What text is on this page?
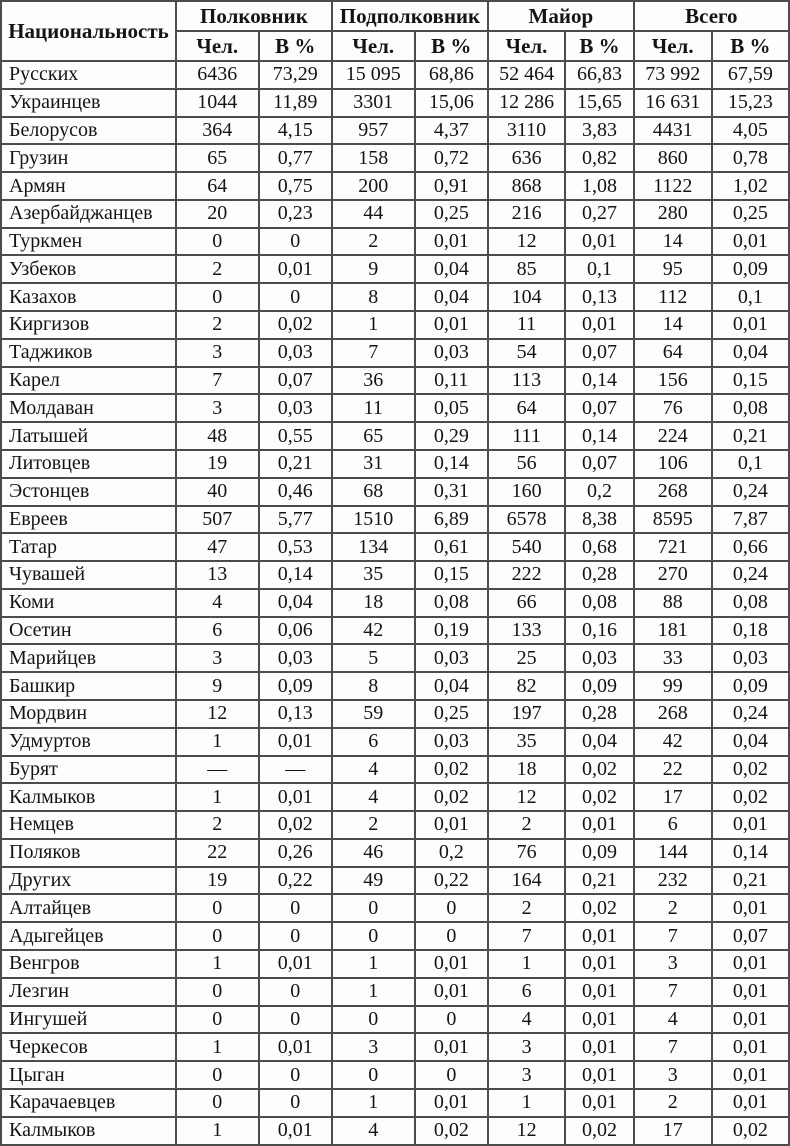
Национальность	Полковник		Подполковник		Майор		Всего	
	Чел.	В %	Чел.	В %	Чел.	В %	Чел.	В %
Русских	6436	73,29	15 095	68,86	52 464	66,83	73 992	67,59
Украинцев	1044	11,89	3301	15,06	12 286	15,65	16 631	15,23
Белорусов	364	4,15	957	4,37	3110	3,83	4431	4,05
Грузин	65	0,77	158	0,72	636	0,82	860	0,78
Армян	64	0,75	200	0,91	868	1,08	1122	1,02
Азербайджанцев	20	0,23	44	0,25	216	0,27	280	0,25
Туркмен	0	0	2	0,01	12	0,01	14	0,01
Узбеков	2	0,01	9	0,04	85	0,1	95	0,09
Казахов	0	0	8	0,04	104	0,13	112	0,1
Киргизов	2	0,02	1	0,01	11	0,01	14	0,01
Таджиков	3	0,03	7	0,03	54	0,07	64	0,04
Карел	7	0,07	36	0,11	113	0,14	156	0,15
Молдаван	3	0,03	11	0,05	64	0,07	76	0,08
Латышей	48	0,55	65	0,29	111	0,14	224	0,21
Литовцев	19	0,21	31	0,14	56	0,07	106	0,1
Эстонцев	40	0,46	68	0,31	160	0,2	268	0,24
Евреев	507	5,77	1510	6,89	6578	8,38	8595	7,87
Татар	47	0,53	134	0,61	540	0,68	721	0,66
Чувашей	13	0,14	35	0,15	222	0,28	270	0,24
Коми	4	0,04	18	0,08	66	0,08	88	0,08
Осетин	6	0,06	42	0,19	133	0,16	181	0,18
Марийцев	3	0,03	5	0,03	25	0,03	33	0,03
Башкир	9	0,09	8	0,04	82	0,09	99	0,09
Мордвин	12	0,13	59	0,25	197	0,28	268	0,24
Удмуртов	1	0,01	6	0,03	35	0,04	42	0,04
Бурят	—	—	4	0,02	18	0,02	22	0,02
Калмыков	1	0,01	4	0,02	12	0,02	17	0,02
Немцев	2	0,02	2	0,01	2	0,01	6	0,01
Поляков	22	0,26	46	0,2	76	0,09	144	0,14
Других	19	0,22	49	0,22	164	0,21	232	0,21
Алтайцев	0	0	0	0	2	0,02	2	0,01
Адыгейцев	0	0	0	0	7	0,01	7	0,07
Венгров	1	0,01	1	0,01	1	0,01	3	0,01
Лезгин	0	0	1	0,01	6	0,01	7	0,01
Ингушей	0	0	0	0	4	0,01	4	0,01
Черкесов	1	0,01	3	0,01	3	0,01	7	0,01
Цыган	0	0	0	0	3	0,01	3	0,01
Карачаевцев	0	0	1	0,01	1	0,01	2	0,01
Калмыков	1	0,01	4	0,02	12	0,02	17	0,02
